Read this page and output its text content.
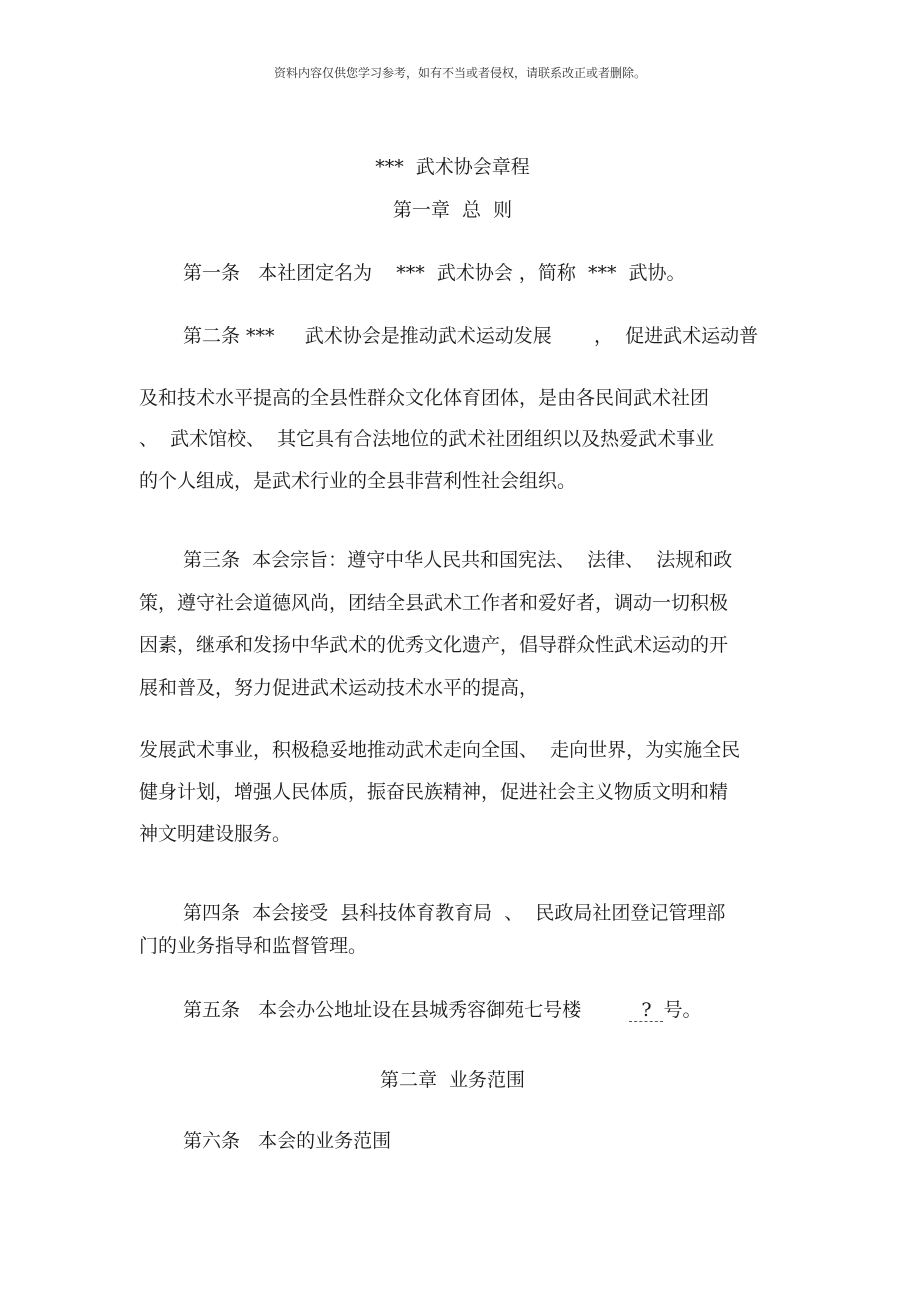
资料内容仅供您学习参考，如有不当或者侵权，请联系改正或者删除。
***  武术协会章程
第一章  总  则
第一条   本社团定名为    ***  武术协会 ，简称  ***  武协。
第二条 ***     武术协会是推动武术运动发展       ，  促进武术运动普
及和技术水平提高的全县性群众文化体育团体，是由各民间武术社团
、  武术馆校、  其它具有合法地位的武术社团组织以及热爱武术事业
的个人组成，是武术行业的全县非营利性社会组织。
第三条  本会宗旨：遵守中华人民共和国宪法、  法律、  法规和政
策，遵守社会道德风尚，团结全县武术工作者和爱好者，调动一切积极
因素，继承和发扬中华武术的优秀文化遗产，倡导群众性武术运动的开
展和普及，努力促进武术运动技术水平的提高，
发展武术事业，积极稳妥地推动武术走向全国、  走向世界，为实施全民
健身计划，增强人民体质，振奋民族精神，促进社会主义物质文明和精
神文明建设服务。
第四条  本会接受  县科技体育教育局  、  民政局社团登记管理部
门的业务指导和监督管理。
第五条   本会办公地址设在县城秀容御苑七号楼        ? 号。
第二章  业务范围
第六条   本会的业务范围
